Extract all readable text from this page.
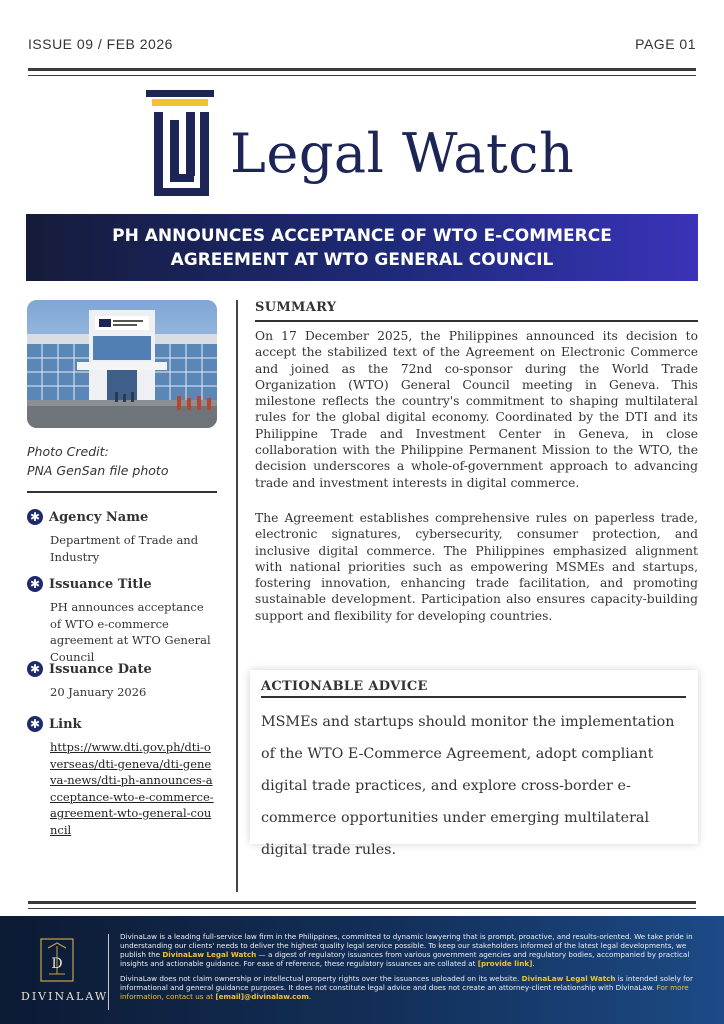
ISSUE 09 / FEB 2026	PAGE 01
Legal Watch
PH ANNOUNCES ACCEPTANCE OF WTO E-COMMERCE
AGREEMENT AT WTO GENERAL COUNCIL
Photo Credit:
PNA GenSan file photo
✱ Agency Name
Department of Trade and Industry
✱ Issuance Title
PH announces acceptance of WTO e-commerce agreement at WTO General Council
✱ Issuance Date
20 January 2026
✱ Link
https://www.dti.gov.ph/dti-overseas/dti-geneva/dti-geneva-news/dti-ph-announces-acceptance-wto-e-commerce-agreement-wto-general-council
SUMMARY

On 17 December 2025, the Philippines announced its decision to accept the stabilized text of the Agreement on Electronic Commerce and joined as the 72nd co-sponsor during the World Trade Organization (WTO) General Council meeting in Geneva. This milestone reflects the country's commitment to shaping multilateral rules for the global digital economy. Coordinated by the DTI and its Philippine Trade and Investment Center in Geneva, in close collaboration with the Philippine Permanent Mission to the WTO, the decision underscores a whole-of-government approach to advancing trade and investment interests in digital commerce.

The Agreement establishes comprehensive rules on paperless trade, electronic signatures, cybersecurity, consumer protection, and inclusive digital commerce. The Philippines emphasized alignment with national priorities such as empowering MSMEs and startups, fostering innovation, enhancing trade facilitation, and promoting sustainable development. Participation also ensures capacity-building support and flexibility for developing countries.

ACTIONABLE ADVICE
MSMEs and startups should monitor the implementation of the WTO E-Commerce Agreement, adopt compliant digital trade practices, and explore cross-border e-commerce opportunities under emerging multilateral digital trade rules.
D
DIVINALAW

DivinaLaw is a leading full-service law firm in the Philippines, committed to dynamic lawyering that is prompt, proactive, and results-oriented. We take pride in understanding our clients' needs to deliver the highest quality legal service possible. To keep our stakeholders informed of the latest legal developments, we publish the DivinaLaw Legal Watch — a digest of regulatory issuances from various government agencies and regulatory bodies, accompanied by practical insights and actionable guidance. For ease of reference, these regulatory issuances are collated at [provide link].

DivinaLaw does not claim ownership or intellectual property rights over the issuances uploaded on its website. DivinaLaw Legal Watch is intended solely for informational and general guidance purposes. It does not constitute legal advice and does not create an attorney-client relationship with DivinaLaw. For more information, contact us at [email]@divinalaw.com.
